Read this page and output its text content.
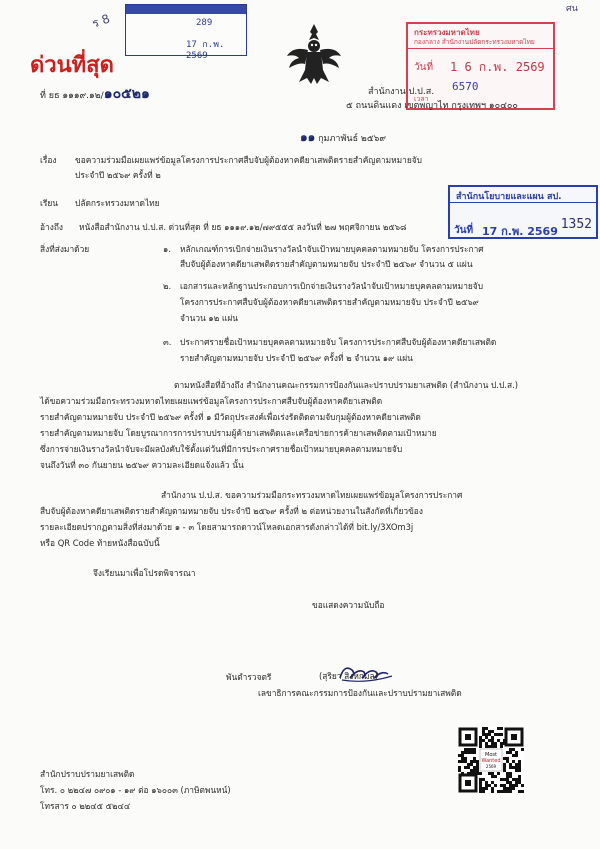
ศน
ร 8	289
17 ก.พ. 2569
กระทรวงมหาดไทย
กองกลาง สำนักงานปลัดกระทรวงมหาดไทย
วันที่ 1 6 ก.พ. 2569
6570
เวลา
ด่วนที่สุด
ที่ ยธ ๑๑๑๙.๑๒/๑๐๕๒๑	สำนักงาน ป.ป.ส.
๕ ถนนดินแดง เขตพญาไท กรุงเทพฯ ๑๐๔๐๐
๑๑ กุมภาพันธ์ ๒๕๖๙
เรื่อง ขอความร่วมมือเผยแพร่ข้อมูลโครงการประกาศสืบจับผู้ต้องหาคดียาเสพติดรายสำคัญตามหมายจับ
ประจำปี ๒๕๖๙ ครั้งที่ ๒
สำนักนโยบายและแผน สป.
วันที่ 17 ก.พ. 2569 1352
เรียน ปลัดกระทรวงมหาดไทย
อ้างถึง หนังสือสำนักงาน ป.ป.ส. ด่วนที่สุด ที่ ยธ ๑๑๑๙.๑๒/๗๙๕๕๕ ลงวันที่ ๒๗ พฤศจิกายน ๒๕๖๘
สิ่งที่ส่งมาด้วย	๑. หลักเกณฑ์การเบิกจ่ายเงินรางวัลนำจับเป้าหมายบุคคลตามหมายจับ โครงการประกาศ
สืบจับผู้ต้องหาคดียาเสพติดรายสำคัญตามหมายจับ ประจำปี ๒๕๖๙ จำนวน ๕ แผ่น
๒. เอกสารและหลักฐานประกอบการเบิกจ่ายเงินรางวัลนำจับเป้าหมายบุคคลตามหมายจับ
โครงการประกาศสืบจับผู้ต้องหาคดียาเสพติดรายสำคัญตามหมายจับ ประจำปี ๒๕๖๙
จำนวน ๑๒ แผ่น
๓. ประกาศรายชื่อเป้าหมายบุคคลตามหมายจับ โครงการประกาศสืบจับผู้ต้องหาคดียาเสพติด
รายสำคัญตามหมายจับ ประจำปี ๒๕๖๙ ครั้งที่ ๒ จำนวน ๑๙ แผ่น
ตามหนังสือที่อ้างถึง สำนักงานคณะกรรมการป้องกันและปราบปรามยาเสพติด (สำนักงาน ป.ป.ส.)
ได้ขอความร่วมมือกระทรวงมหาดไทยเผยแพร่ข้อมูลโครงการประกาศสืบจับผู้ต้องหาคดียาเสพติด
รายสำคัญตามหมายจับ ประจำปี ๒๕๖๙ ครั้งที่ ๑ มีวัตถุประสงค์เพื่อเร่งรัดติดตามจับกุมผู้ต้องหาคดียาเสพติด
รายสำคัญตามหมายจับ โดยบูรณาการการปราบปรามผู้ค้ายาเสพติดและเครือข่ายการค้ายาเสพติดตามเป้าหมาย
ซึ่งการจ่ายเงินรางวัลนำจับจะมีผลบังคับใช้ตั้งแต่วันที่มีการประกาศรายชื่อเป้าหมายบุคคลตามหมายจับ
จนถึงวันที่ ๓๐ กันยายน ๒๕๖๙ ความละเอียดแจ้งแล้ว นั้น
สำนักงาน ป.ป.ส. ขอความร่วมมือกระทรวงมหาดไทยเผยแพร่ข้อมูลโครงการประกาศ
สืบจับผู้ต้องหาคดียาเสพติดรายสำคัญตามหมายจับ ประจำปี ๒๕๖๙ ครั้งที่ ๒ ต่อหน่วยงานในสังกัดที่เกี่ยวข้อง
รายละเอียดปรากฏตามสิ่งที่ส่งมาด้วย ๑ - ๓ โดยสามารถดาวน์โหลดเอกสารดังกล่าวได้ที่ bit.ly/3XOm3j
หรือ QR Code ท้ายหนังสือฉบับนี้
จึงเรียนมาเพื่อโปรดพิจารณา
ขอแสดงความนับถือ
พันตำรวจตรี	(สุริยา สิงหกมล)
เลขาธิการคณะกรรมการป้องกันและปราบปรามยาเสพติด
Most
Wanted
2569
สำนักปราบปรามยาเสพติด
โทร. ๐ ๒๒๔๗ ๐๙๐๑ - ๑๙ ต่อ ๑๖๐๐๓ (ภาษิตพนหน์)
โทรสาร ๐ ๒๒๔๕ ๕๒๔๔
